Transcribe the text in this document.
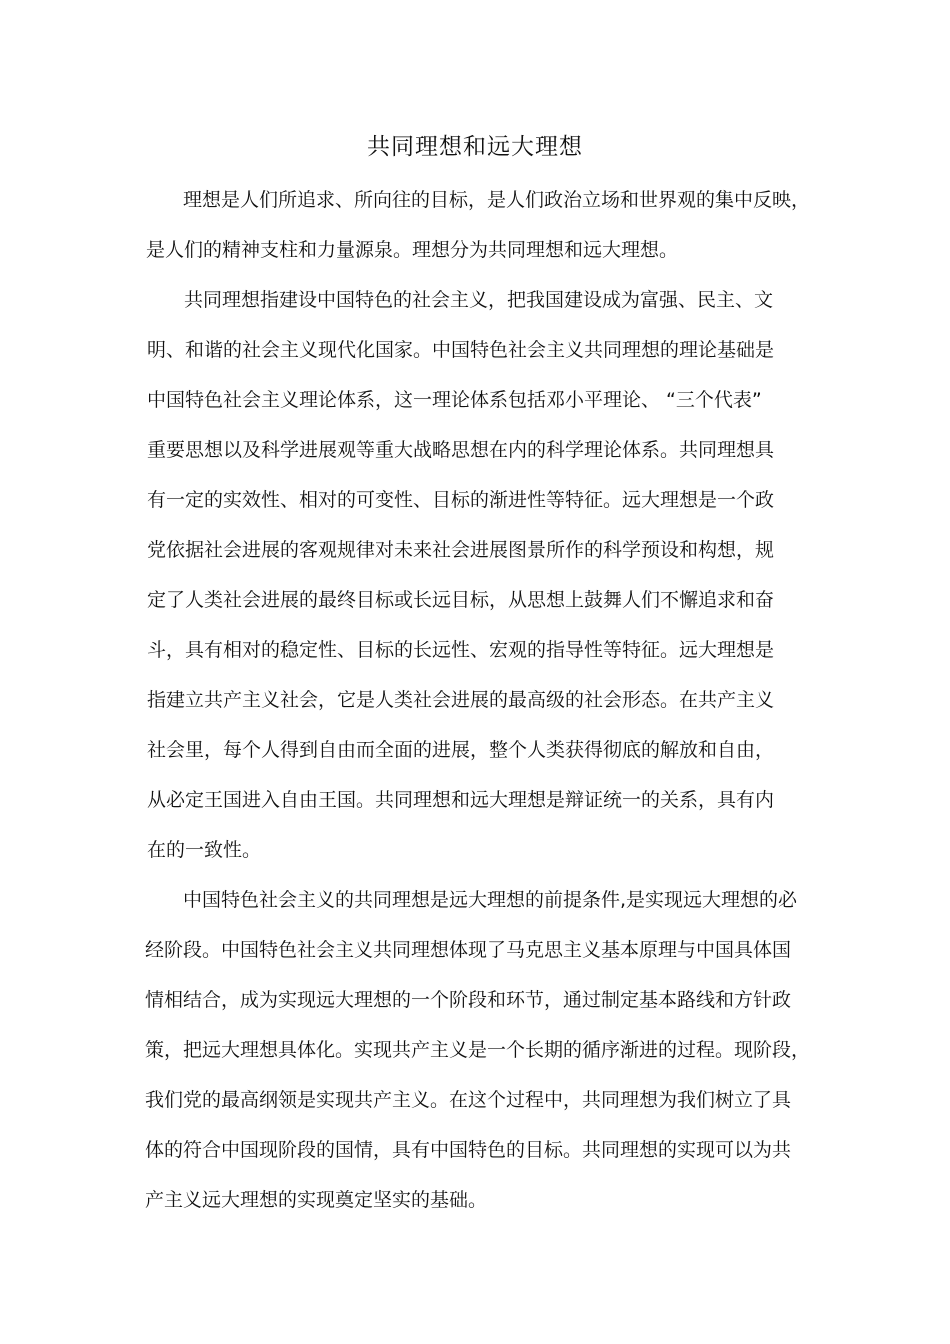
共同理想和远大理想
理想是人们所追求、所向往的目标，是人们政治立场和世界观的集中反映，
是人们的精神支柱和力量源泉。理想分为共同理想和远大理想。
共同理想指建设中国特色的社会主义，把我国建设成为富强、民主、文
明、和谐的社会主义现代化国家。中国特色社会主义共同理想的理论基础是
中国特色社会主义理论体系，这一理论体系包括邓小平理论、 “三个代表”
重要思想以及科学进展观等重大战略思想在内的科学理论体系。共同理想具
有一定的实效性、相对的可变性、目标的渐进性等特征。远大理想是一个政
党依据社会进展的客观规律对未来社会进展图景所作的科学预设和构想，规
定了人类社会进展的最终目标或长远目标，从思想上鼓舞人们不懈追求和奋
斗，具有相对的稳定性、目标的长远性、宏观的指导性等特征。远大理想是
指建立共产主义社会，它是人类社会进展的最高级的社会形态。在共产主义
社会里，每个人得到自由而全面的进展，整个人类获得彻底的解放和自由，
从必定王国进入自由王国。共同理想和远大理想是辩证统一的关系，具有内
在的一致性。
中国特色社会主义的共同理想是远大理想的前提条件,是实现远大理想的必
经阶段。中国特色社会主义共同理想体现了马克思主义基本原理与中国具体国
情相结合，成为实现远大理想的一个阶段和环节，通过制定基本路线和方针政
策，把远大理想具体化。实现共产主义是一个长期的循序渐进的过程。现阶段，
我们党的最高纲领是实现共产主义。在这个过程中，共同理想为我们树立了具
体的符合中国现阶段的国情，具有中国特色的目标。共同理想的实现可以为共
产主义远大理想的实现奠定坚实的基础。
